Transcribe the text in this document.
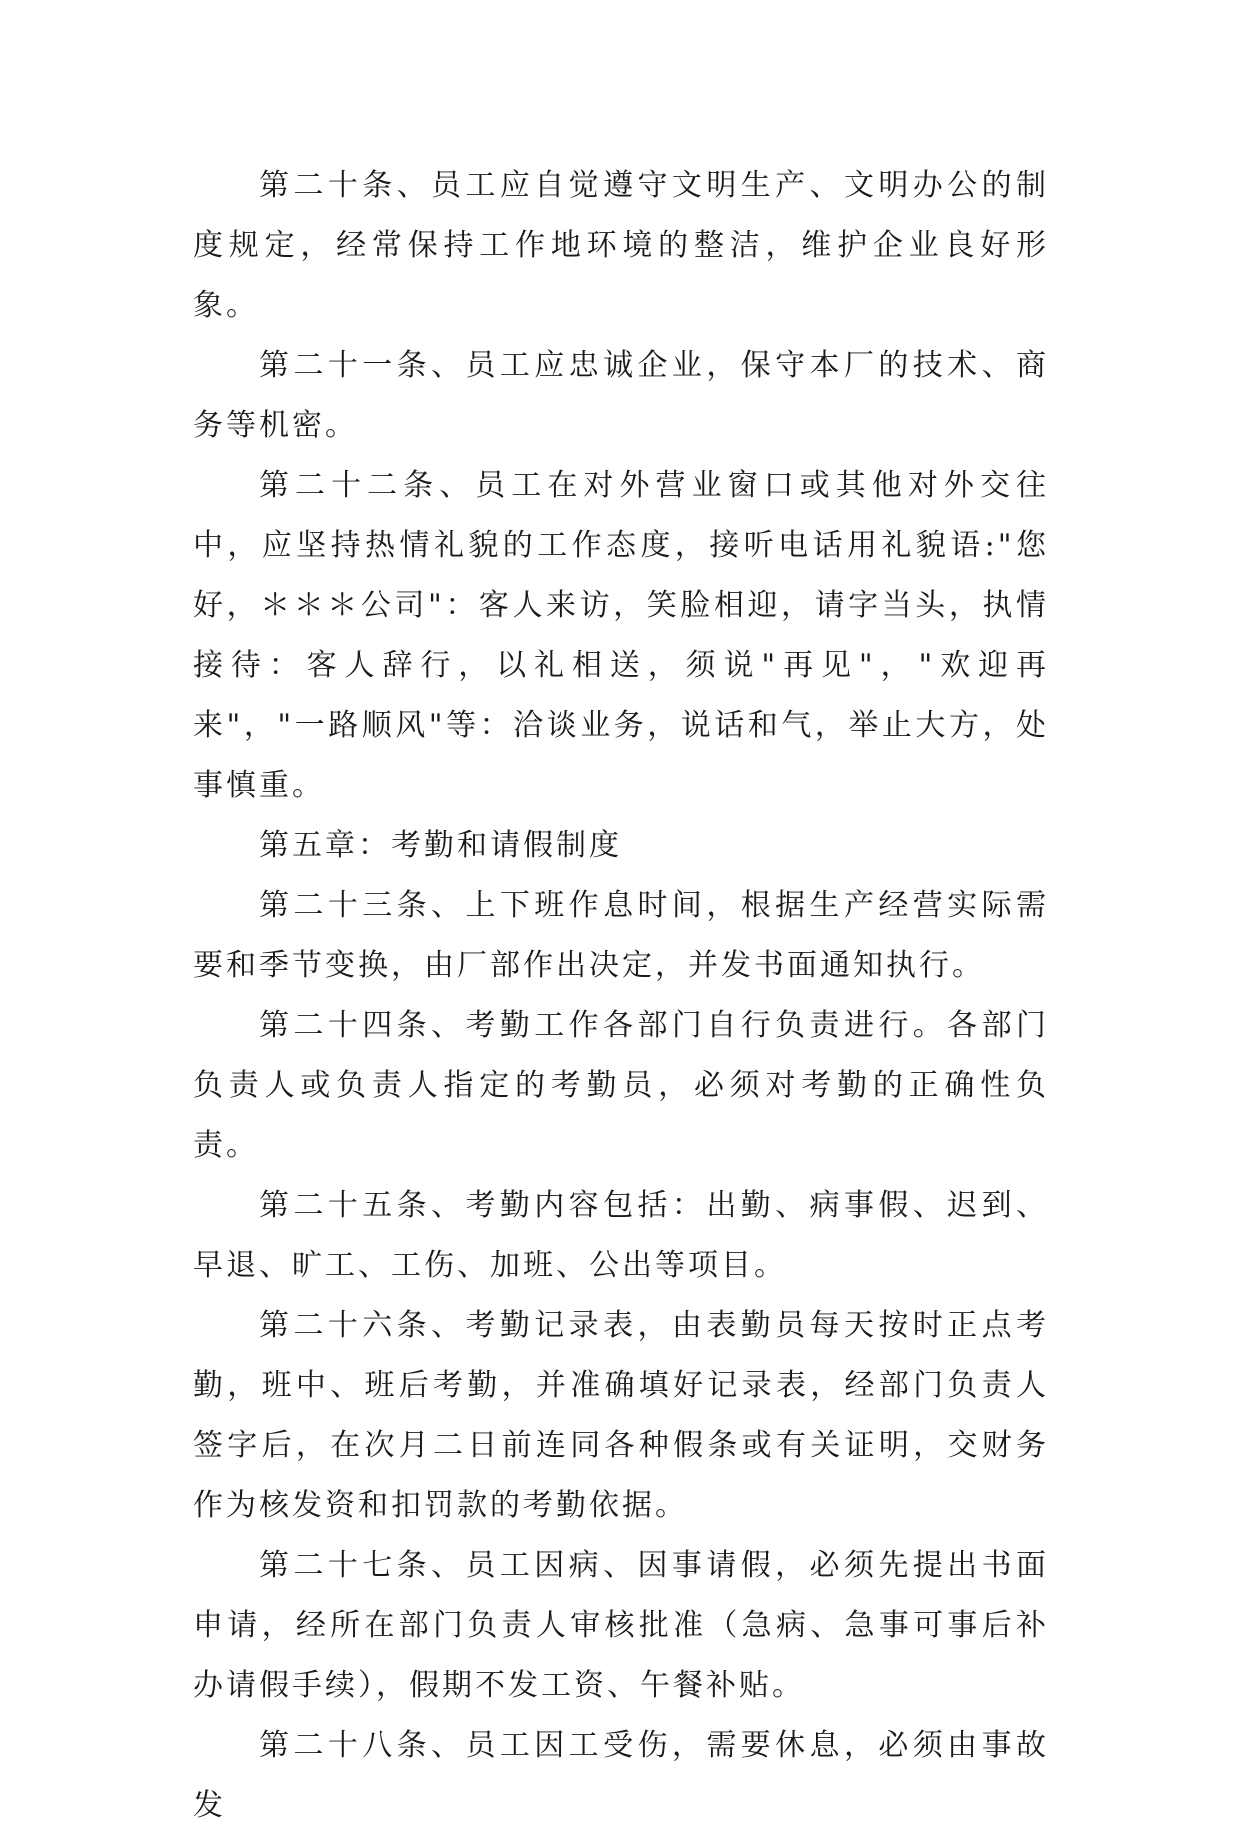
第二十条、员工应自觉遵守文明生产、文明办公的制度规定，经常保持工作地环境的整洁，维护企业良好形象。

第二十一条、员工应忠诚企业，保守本厂的技术、商务等机密。

第二十二条、员工在对外营业窗口或其他对外交往中，应坚持热情礼貌的工作态度，接听电话用礼貌语:"您好，＊＊＊公司"：客人来访，笑脸相迎，请字当头，执情接待：客人辞行，以礼相送，须说"再见"，"欢迎再来"，"一路顺风"等：洽谈业务，说话和气，举止大方，处事慎重。

第五章：考勤和请假制度

第二十三条、上下班作息时间，根据生产经营实际需要和季节变换，由厂部作出决定，并发书面通知执行。

第二十四条、考勤工作各部门自行负责进行。各部门负责人或负责人指定的考勤员，必须对考勤的正确性负责。

第二十五条、考勤内容包括：出勤、病事假、迟到、早退、旷工、工伤、加班、公出等项目。

第二十六条、考勤记录表，由表勤员每天按时正点考勤，班中、班后考勤，并准确填好记录表，经部门负责人签字后，在次月二日前连同各种假条或有关证明，交财务作为核发资和扣罚款的考勤依据。

第二十七条、员工因病、因事请假，必须先提出书面申请，经所在部门负责人审核批准（急病、急事可事后补办请假手续），假期不发工资、午餐补贴。

第二十八条、员工因工受伤，需要休息，必须由事故发
